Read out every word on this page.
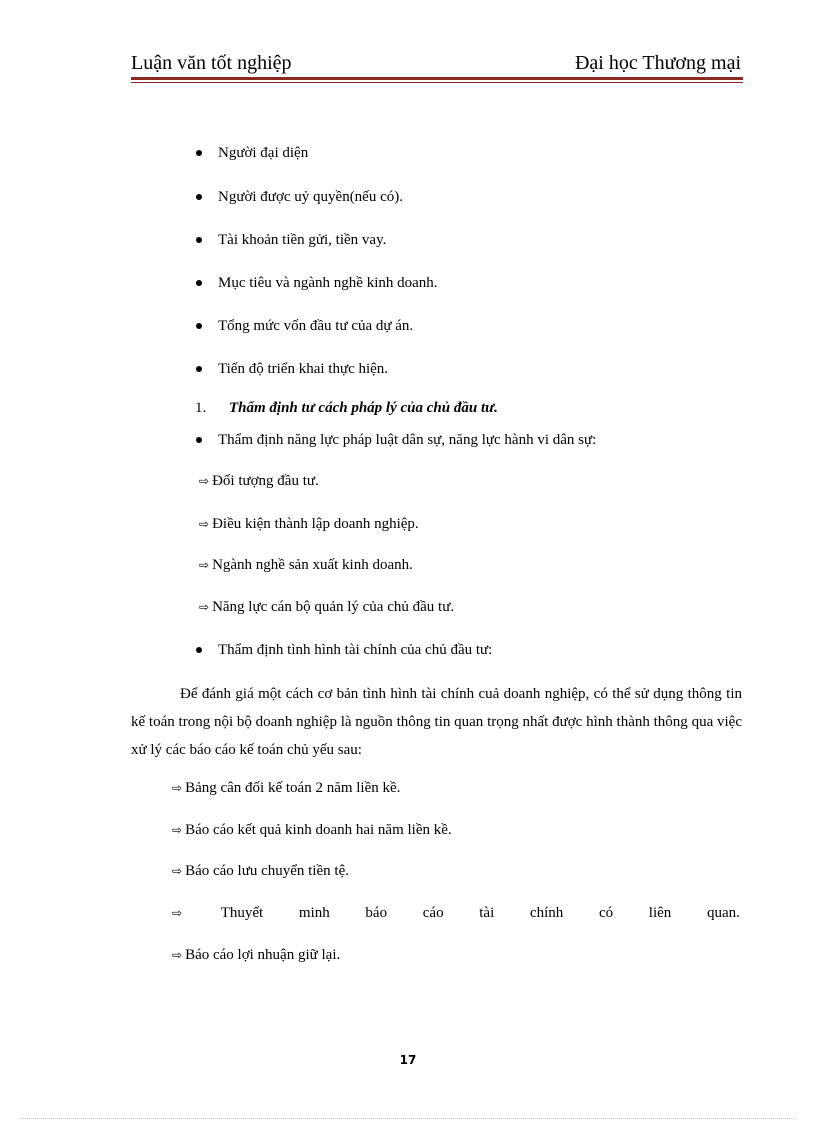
Luận văn tốt nghiệp	Đại học Thương mại
Người đại diện
Người được uỷ quyền(nếu có).
Tài khoản tiền gửi, tiền vay.
Mục tiêu và ngành nghề kinh doanh.
Tổng mức vốn đầu tư của dự án.
Tiến độ triển khai thực hiện.
1. Thẩm định tư cách pháp lý của chủ đầu tư.
Thẩm định năng lực pháp luật dân sự, năng lực hành vi dân sự:
⇨ Đối tượng đầu tư.
⇨ Điều kiện thành lập doanh nghiệp.
⇨ Ngành nghề sản xuất kinh doanh.
⇨ Năng lực cán bộ quản lý của chủ đầu tư.
Thẩm định tình hình tài chính của chủ đầu tư:
Để đánh giá một cách cơ bản tình hình tài chính cuả doanh nghiệp, có thể sử dụng thông tin kế toán trong nội bộ doanh nghiệp là nguồn thông tin quan trọng nhất được hình thành thông qua việc xử lý các báo cáo kế toán chủ yếu sau:
⇨ Bảng cân đối kế toán 2 năm liền kề.
⇨ Báo cáo kết quả kinh doanh hai năm liền kề.
⇨ Báo cáo lưu chuyển tiền tệ.
⇨	Thuyết minh báo cáo tài chính có liên quan.
⇨ Báo cáo lợi nhuận giữ lại.
17
